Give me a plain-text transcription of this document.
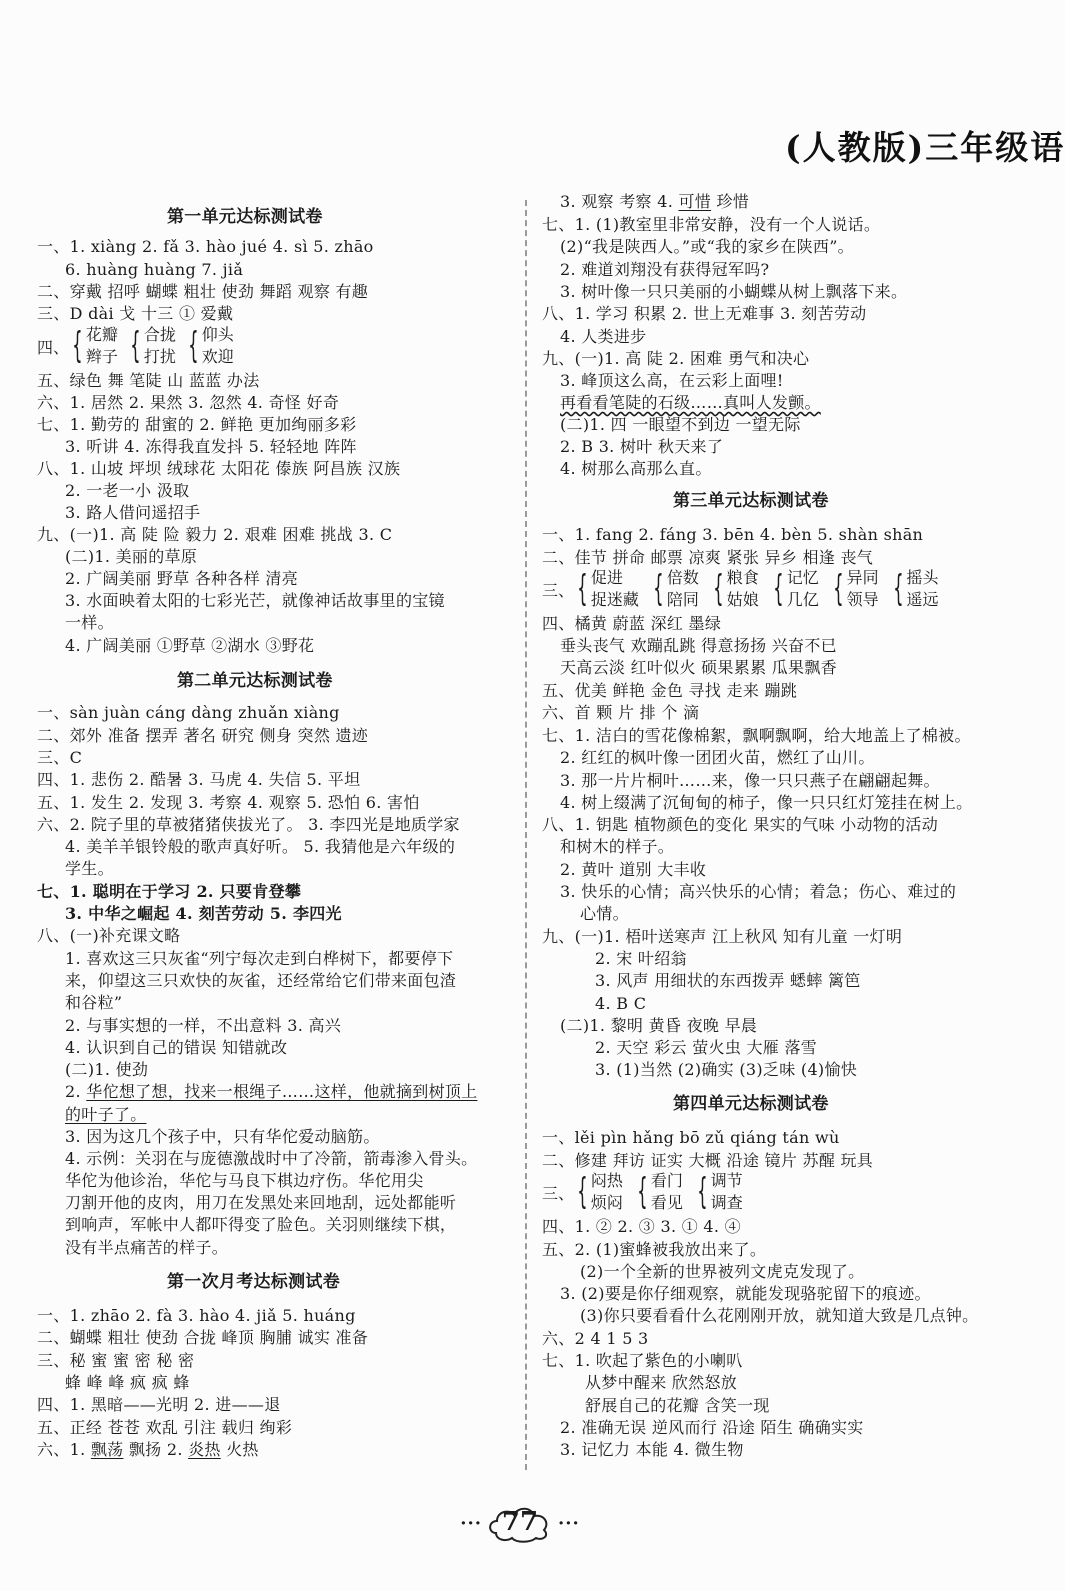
(人教版)三年级语
第一单元达标测试卷
一、1. xiàng 2. fǎ 3. hào jué 4. sì 5. zhāo
6. huàng huàng 7. jiǎ
二、穿戴 招呼 蝴蝶 粗壮 使劲 舞蹈 观察 有趣
三、D dài 戈 十三 ① 爱戴
四、 { 花瓣
辫子 { 合拢
打扰 { 仰头
欢迎
五、绿色 舞 笔陡 山 蓝蓝 办法
六、1. 居然 2. 果然 3. 忽然 4. 奇怪 好奇
七、1. 勤劳的 甜蜜的 2. 鲜艳 更加绚丽多彩
3. 听讲 4. 冻得我直发抖 5. 轻轻地 阵阵
八、1. 山坡 坪坝 绒球花 太阳花 傣族 阿昌族 汉族
2. 一老一小 汲取
3. 路人借问遥招手
九、(一)1. 高 陡 险 毅力 2. 艰难 困难 挑战 3. C
(二)1. 美丽的草原
2. 广阔美丽 野草 各种各样 清亮
3. 水面映着太阳的七彩光芒，就像神话故事里的宝镜
一样。
4. 广阔美丽 ①野草 ②湖水 ③野花
第二单元达标测试卷
一、sàn juàn cáng dàng zhuǎn xiàng
二、郊外 准备 摆弄 著名 研究 侧身 突然 遗迹
三、C
四、1. 悲伤 2. 酷暑 3. 马虎 4. 失信 5. 平坦
五、1. 发生 2. 发现 3. 考察 4. 观察 5. 恐怕 6. 害怕
六、2. 院子里的草被猪猪侠拔光了。 3. 李四光是地质学家
4. 美羊羊银铃般的歌声真好听。 5. 我猜他是六年级的
学生。
七、1. 聪明在于学习 2. 只要肯登攀
3. 中华之崛起 4. 刻苦劳动 5. 李四光
八、(一)补充课文略
1. 喜欢这三只灰雀“列宁每次走到白桦树下，都要停下
来，仰望这三只欢快的灰雀，还经常给它们带来面包渣
和谷粒”
2. 与事实想的一样，不出意料 3. 高兴
4. 认识到自己的错误 知错就改
(二)1. 使劲
2. 华佗想了想，找来一根绳子……这样，他就摘到树顶上
的叶子了。
3. 因为这几个孩子中，只有华佗爱动脑筋。
4. 示例：关羽在与庞德激战时中了冷箭，箭毒渗入骨头。
华佗为他诊治，华佗与马良下棋边疗伤。华佗用尖
刀割开他的皮肉，用刀在发黑处来回地刮，远处都能听
到响声，军帐中人都吓得变了脸色。关羽则继续下棋，
没有半点痛苦的样子。
第一次月考达标测试卷
一、1. zhāo 2. fà 3. hào 4. jiǎ 5. huáng
二、蝴蝶 粗壮 使劲 合拢 峰顶 胸脯 诚实 准备
三、秘 蜜 蜜 密 秘 密
蜂 峰 峰 疯 疯 蜂
四、1. 黑暗——光明 2. 进——退
五、正经 苍苍 欢乱 引注 载归 绚彩
六、1. 飘荡 飘扬 2. 炎热 火热
3. 观察 考察 4. 可惜 珍惜
七、1. (1)教室里非常安静，没有一个人说话。
(2)“我是陕西人。”或“我的家乡在陕西”。
2. 难道刘翔没有获得冠军吗?
3. 树叶像一只只美丽的小蝴蝶从树上飘落下来。
八、1. 学习 积累 2. 世上无难事 3. 刻苦劳动
4. 人类进步
九、(一)1. 高 陡 2. 困难 勇气和决心
3. 峰顶这么高，在云彩上面哩!
再看看笔陡的石级……真叫人发颤。
(二)1. 四 一眼望不到边 一望无际
2. B 3. 树叶 秋天来了
4. 树那么高那么直。
第三单元达标测试卷
一、1. fang 2. fáng 3. bēn 4. bèn 5. shàn shān
二、佳节 拼命 邮票 凉爽 紧张 异乡 相逢 丧气
三、 { 促进
捉迷藏 { 倍数
陪同 { 粮食
姑娘 { 记忆
几亿 { 异同
领导 { 摇头
遥远
四、橘黄 蔚蓝 深红 墨绿
垂头丧气 欢蹦乱跳 得意扬扬 兴奋不已
天高云淡 红叶似火 硕果累累 瓜果飘香
五、优美 鲜艳 金色 寻找 走来 蹦跳
六、首 颗 片 排 个 滴
七、1. 洁白的雪花像棉絮，飘啊飘啊，给大地盖上了棉被。
2. 红红的枫叶像一团团火苗，燃红了山川。
3. 那一片片桐叶……来，像一只只燕子在翩翩起舞。
4. 树上缀满了沉甸甸的柿子，像一只只红灯笼挂在树上。
八、1. 钥匙 植物颜色的变化 果实的气味 小动物的活动
和树木的样子。
2. 黄叶 道别 大丰收
3. 快乐的心情；高兴快乐的心情；着急；伤心、难过的
心情。
九、(一)1. 梧叶送寒声 江上秋风 知有儿童 一灯明
2. 宋 叶绍翁
3. 风声 用细状的东西拨弄 蟋蟀 篱笆
4. B C
(二)1. 黎明 黄昏 夜晚 早晨
2. 天空 彩云 萤火虫 大雁 落雪
3. (1)当然 (2)确实 (3)乏味 (4)愉快
第四单元达标测试卷
一、lěi pìn hǎng bō zǔ qiáng tán wù
二、修建 拜访 证实 大概 沿途 镜片 苏醒 玩具
三、 { 闷热
烦闷 { 看门
看见 { 调节
调查
四、1. ② 2. ③ 3. ① 4. ④
五、2. (1)蜜蜂被我放出来了。
(2)一个全新的世界被列文虎克发现了。
3. (2)要是你仔细观察，就能发现骆驼留下的痕迹。
(3)你只要看看什么花刚刚开放，就知道大致是几点钟。
六、2 4 1 5 3
七、1. 吹起了紫色的小喇叭
从梦中醒来 欣然怒放
舒展自己的花瓣 含笑一现
2. 准确无误 逆风而行 沿途 陌生 确确实实
3. 记忆力 本能 4. 微生物
··· 77	···
